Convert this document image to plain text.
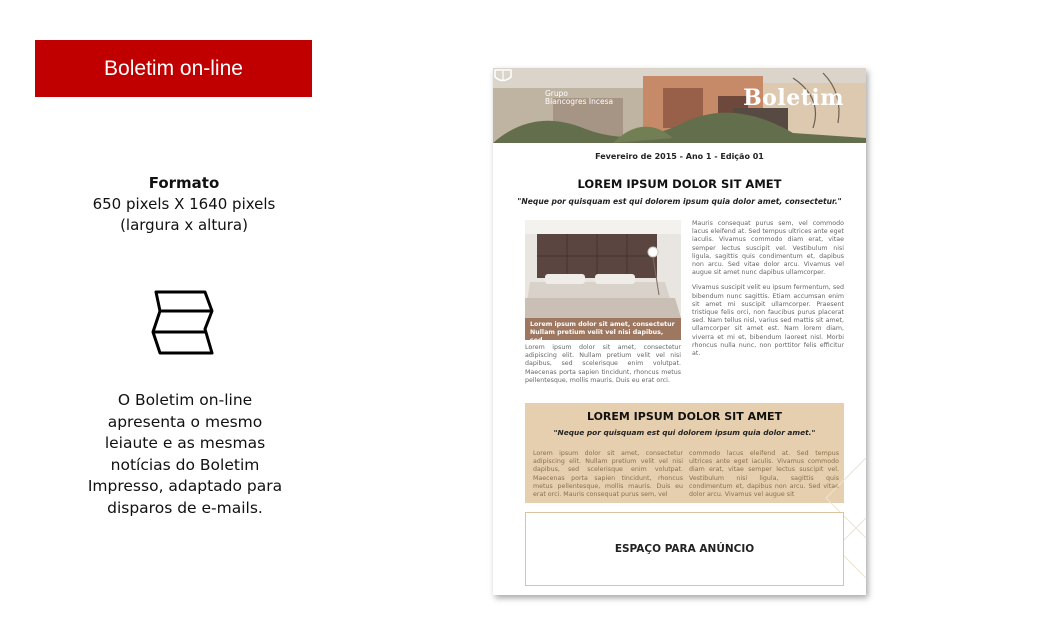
Boletim on-line
Formato
650 pixels X 1640 pixels
(largura x altura)
O Boletim on-line
apresenta o mesmo
leiaute e as mesmas
notícias do Boletim
Impresso, adaptado para
disparos de e-mails.
Grupo
Biancogres Incesa	Boletim
Fevereiro de 2015 - Ano 1 - Edição 01
LOREM IPSUM DOLOR SIT AMET
"Neque por quisquam est qui dolorem ipsum quia dolor amet, consectetur."
Lorem ipsum dolor sit amet, consectetur Nullam pretium velit vel nisi dapibus, sed.
Lorem ipsum dolor sit amet, consectetur adipiscing elit. Nullam pretium velit vel nisi dapibus, sed scelerisque enim volutpat. Maecenas porta sapien tincidunt, rhoncus metus pellentesque, mollis mauris. Duis eu erat orci.
Mauris consequat purus sem, vel commodo lacus eleifend at. Sed tempus ultrices ante eget iaculis. Vivamus commodo diam erat, vitae semper lectus suscipit vel. Vestibulum nisi ligula, sagittis quis condimentum et, dapibus non arcu. Sed vitae dolor arcu. Vivamus vel augue sit amet nunc dapibus ullamcorper.
Vivamus suscipit velit eu ipsum fermentum, sed bibendum nunc sagittis. Etiam accumsan enim sit amet mi suscipit ullamcorper. Praesent tristique felis orci, non faucibus purus placerat sed. Nam tellus nisl, varius sed mattis sit amet, ullamcorper sit amet est. Nam lorem diam, viverra et mi et, bibendum laoreet nisl. Morbi rhoncus nulla nunc, non porttitor felis efficitur at.
LOREM IPSUM DOLOR SIT AMET
"Neque por quisquam est qui dolorem ipsum quia dolor amet."
Lorem ipsum dolor sit amet, consectetur adipiscing elit. Nullam pretium velit vel nisi dapibus, sed scelerisque enim volutpat. Maecenas porta sapien tincidunt, rhoncus metus pellentesque, mollis mauris. Duis eu erat orci. Mauris consequat purus sem, vel
commodo lacus eleifend at. Sed tempus ultrices ante eget iaculis. Vivamus commodo diam erat, vitae semper lectus suscipit vel. Vestibulum nisi ligula, sagittis quis condimentum et, dapibus non arcu. Sed vitae dolor arcu. Vivamus vel augue sit
ESPAÇO PARA ANÚNCIO
